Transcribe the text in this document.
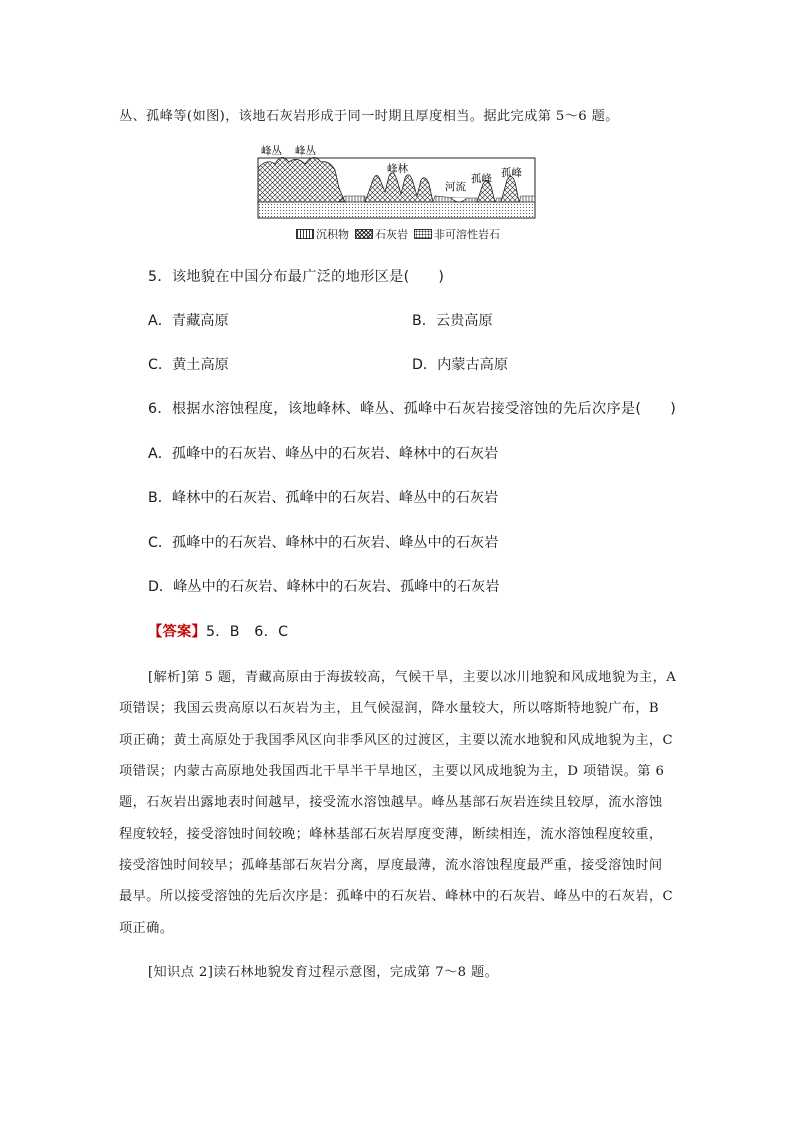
丛、孤峰等(如图)，该地石灰岩形成于同一时期且厚度相当。据此完成第 5～6 题。
峰丛 峰丛
峰林
河流
孤峰 孤峰
沉积物 石灰岩 非可溶性岩石
5．该地貌在中国分布最广泛的地形区是(　　)
A．青藏高原	B．云贵高原
C．黄土高原	D．内蒙古高原
6．根据水溶蚀程度，该地峰林、峰丛、孤峰中石灰岩接受溶蚀的先后次序是(　　)
A．孤峰中的石灰岩、峰丛中的石灰岩、峰林中的石灰岩
B．峰林中的石灰岩、孤峰中的石灰岩、峰丛中的石灰岩
C．孤峰中的石灰岩、峰林中的石灰岩、峰丛中的石灰岩
D．峰丛中的石灰岩、峰林中的石灰岩、孤峰中的石灰岩
【答案】5．B　6．C
[解析]第 5 题，青藏高原由于海拔较高，气候干旱，主要以冰川地貌和风成地貌为主，A
项错误；我国云贵高原以石灰岩为主，且气候湿润，降水量较大，所以喀斯特地貌广布，B
项正确；黄土高原处于我国季风区向非季风区的过渡区，主要以流水地貌和风成地貌为主，C
项错误；内蒙古高原地处我国西北干旱半干旱地区，主要以风成地貌为主，D 项错误。第 6
题，石灰岩出露地表时间越早，接受流水溶蚀越早。峰丛基部石灰岩连续且较厚，流水溶蚀
程度较轻，接受溶蚀时间较晚；峰林基部石灰岩厚度变薄，断续相连，流水溶蚀程度较重，
接受溶蚀时间较早；孤峰基部石灰岩分离，厚度最薄，流水溶蚀程度最严重，接受溶蚀时间
最早。所以接受溶蚀的先后次序是：孤峰中的石灰岩、峰林中的石灰岩、峰丛中的石灰岩，C
项正确。
[知识点 2]读石林地貌发育过程示意图，完成第 7～8 题。
